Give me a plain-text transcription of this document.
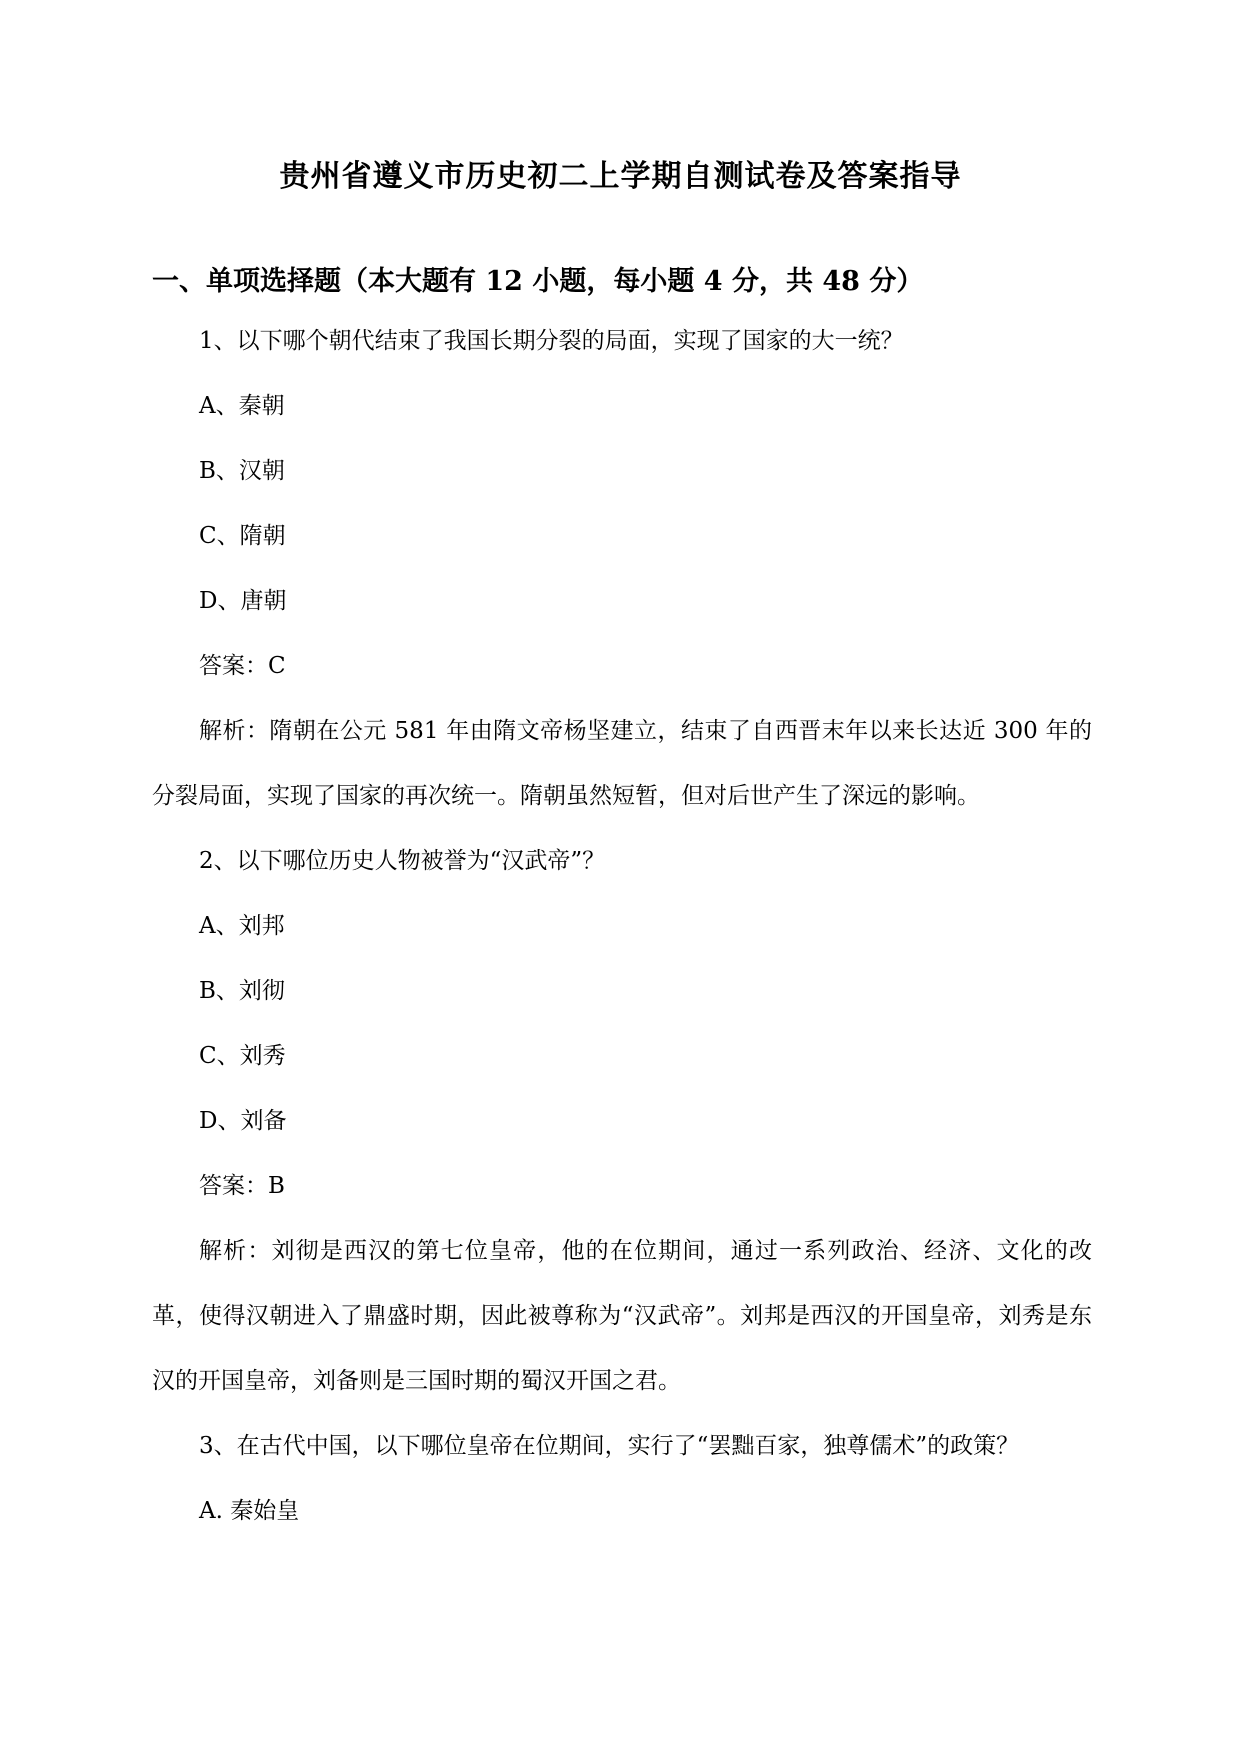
贵州省遵义市历史初二上学期自测试卷及答案指导
一、单项选择题（本大题有 12 小题，每小题 4 分，共 48 分）
1、以下哪个朝代结束了我国长期分裂的局面，实现了国家的大一统？
A、秦朝
B、汉朝
C、隋朝
D、唐朝
答案：C
解析：隋朝在公元 581 年由隋文帝杨坚建立，结束了自西晋末年以来长达近 300 年的分裂局面，实现了国家的再次统一。隋朝虽然短暂，但对后世产生了深远的影响。
2、以下哪位历史人物被誉为“汉武帝”？
A、刘邦
B、刘彻
C、刘秀
D、刘备
答案：B
解析：刘彻是西汉的第七位皇帝，他的在位期间，通过一系列政治、经济、文化的改革，使得汉朝进入了鼎盛时期，因此被尊称为“汉武帝”。刘邦是西汉的开国皇帝，刘秀是东汉的开国皇帝，刘备则是三国时期的蜀汉开国之君。
3、在古代中国，以下哪位皇帝在位期间，实行了“罢黜百家，独尊儒术”的政策？
A. 秦始皇
